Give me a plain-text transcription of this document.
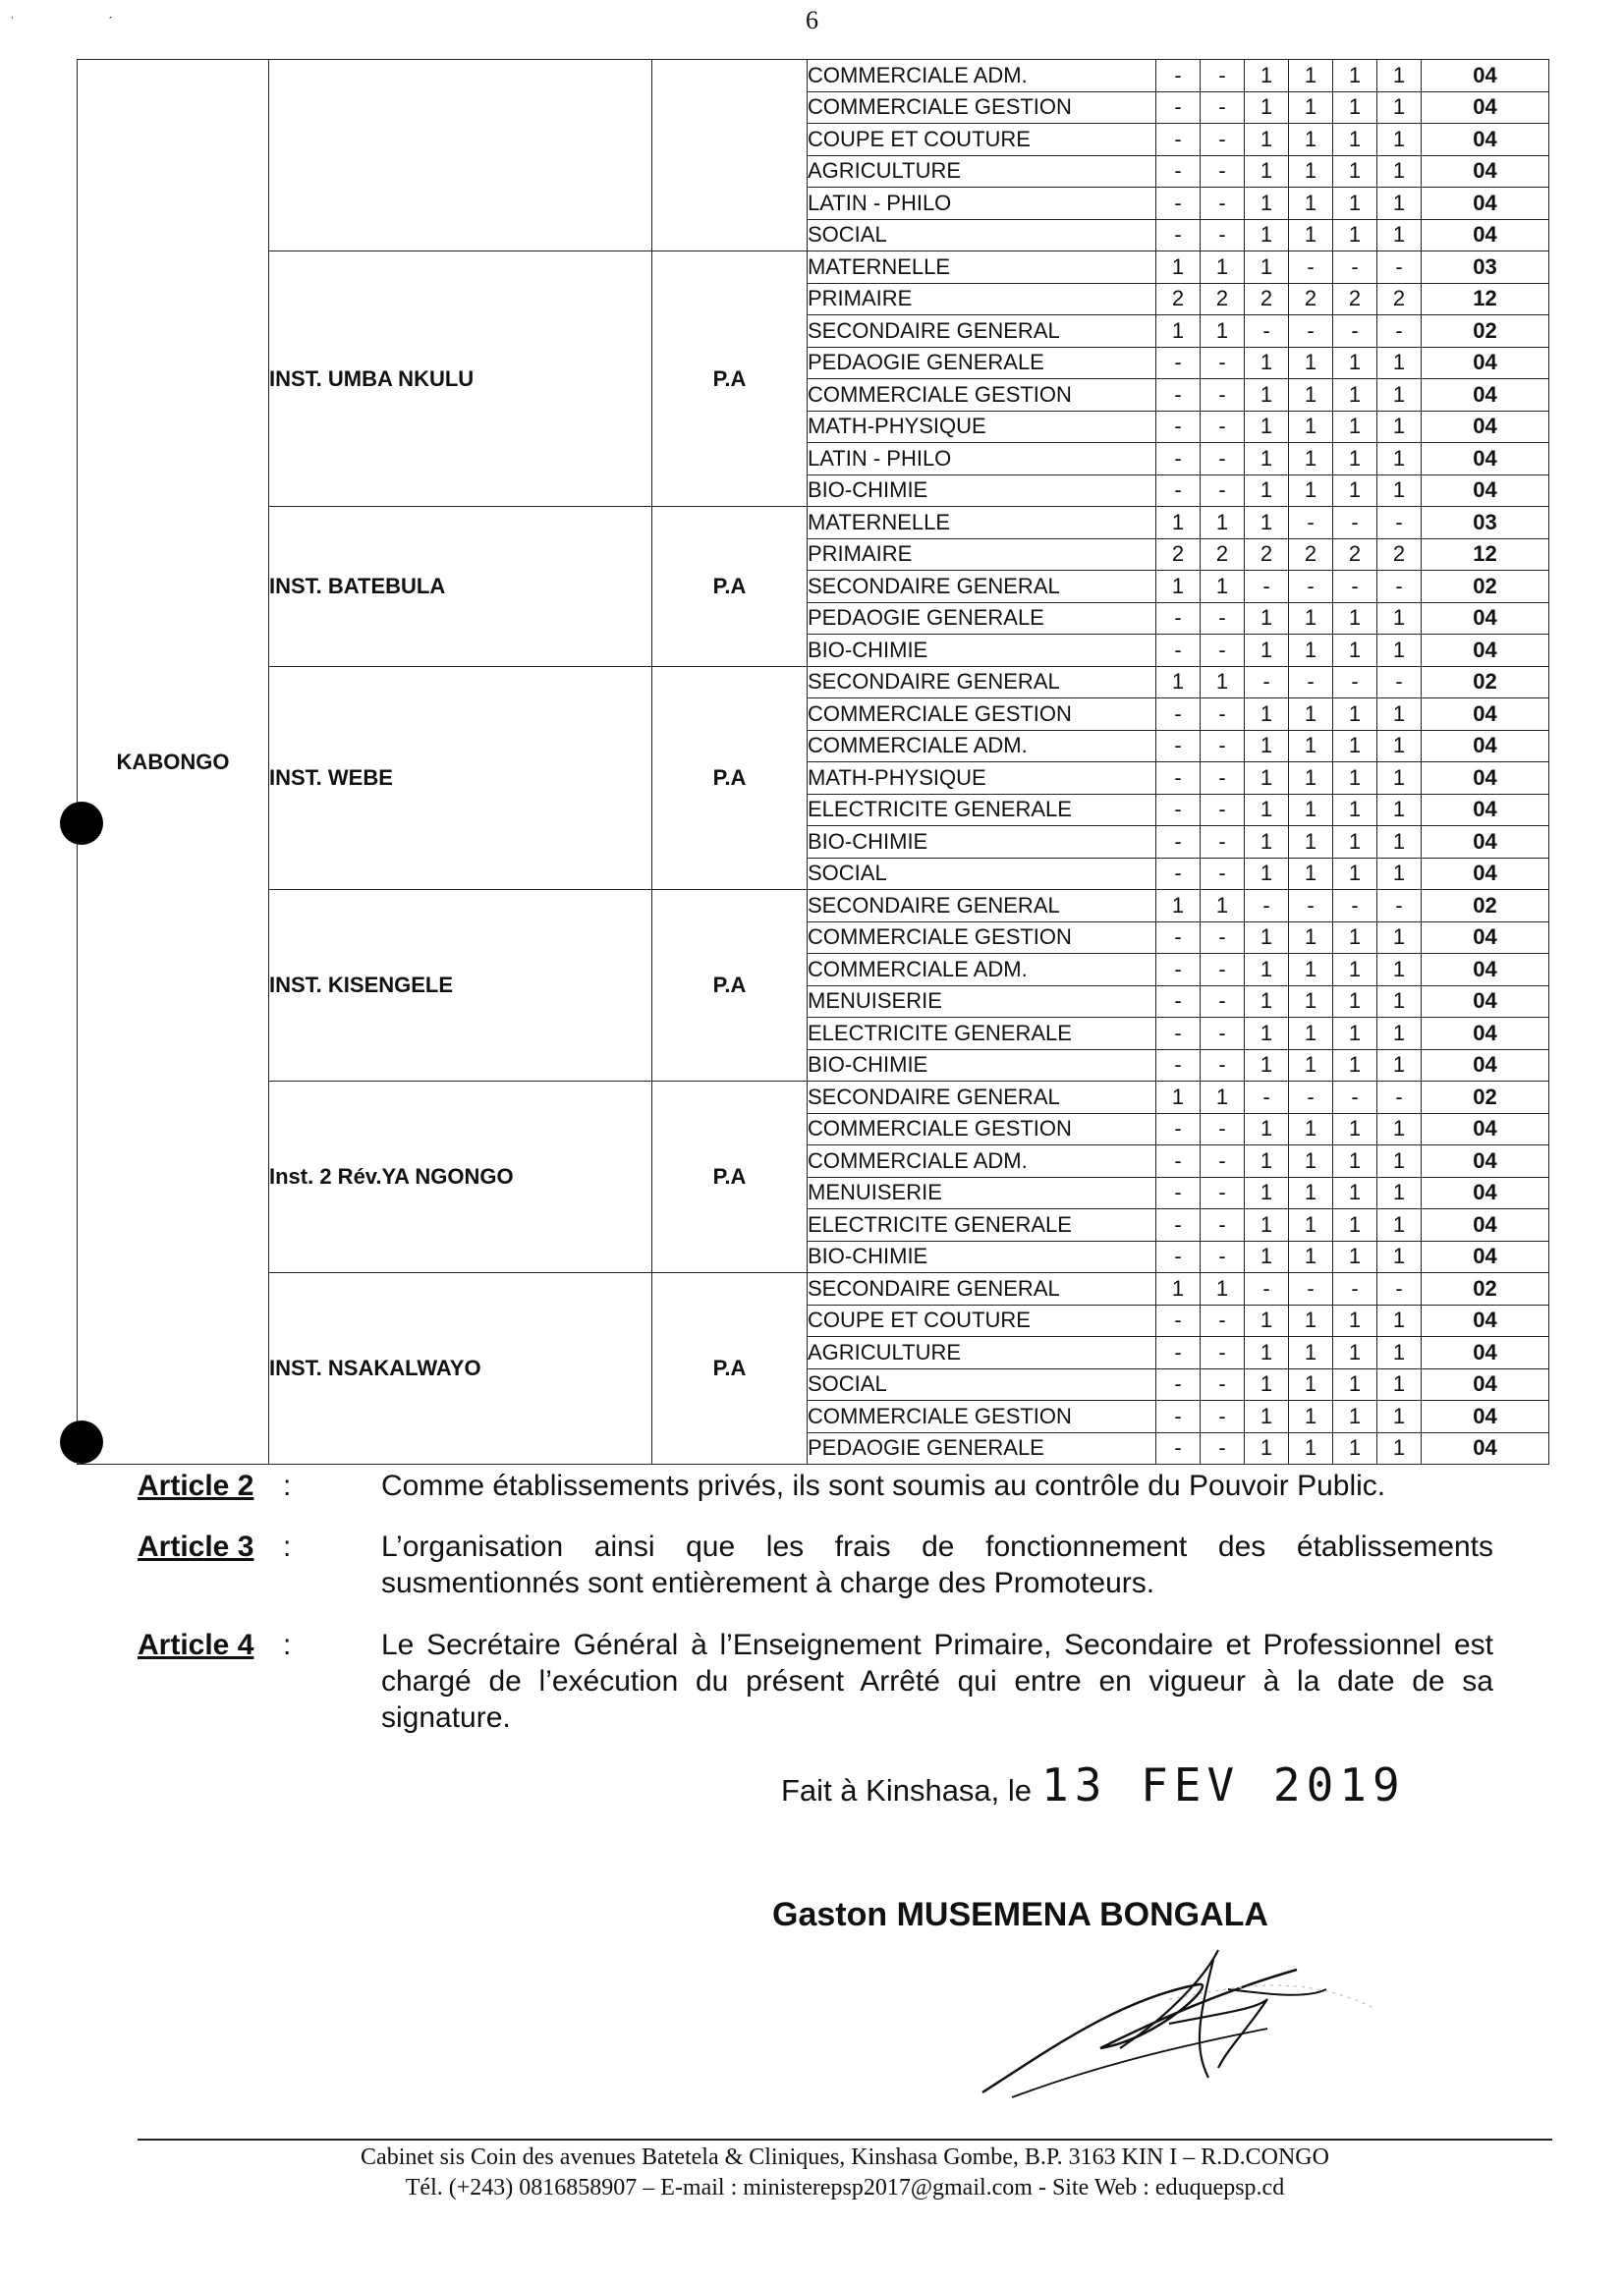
6
ˈ	ˊ
KABONGO			COMMERCIALE ADM.	-	-	1	1	1	1	04
			COMMERCIALE GESTION	-	-	1	1	1	1	04
			COUPE ET COUTURE	-	-	1	1	1	1	04
			AGRICULTURE	-	-	1	1	1	1	04
			LATIN - PHILO	-	-	1	1	1	1	04
			SOCIAL	-	-	1	1	1	1	04
	INST. UMBA NKULU	P.A	MATERNELLE	1	1	1	-	-	-	03
			PRIMAIRE	2	2	2	2	2	2	12
			SECONDAIRE GENERAL	1	1	-	-	-	-	02
			PEDAOGIE GENERALE	-	-	1	1	1	1	04
			COMMERCIALE GESTION	-	-	1	1	1	1	04
			MATH-PHYSIQUE	-	-	1	1	1	1	04
			LATIN - PHILO	-	-	1	1	1	1	04
			BIO-CHIMIE	-	-	1	1	1	1	04
	INST. BATEBULA	P.A	MATERNELLE	1	1	1	-	-	-	03
			PRIMAIRE	2	2	2	2	2	2	12
			SECONDAIRE GENERAL	1	1	-	-	-	-	02
			PEDAOGIE GENERALE	-	-	1	1	1	1	04
			BIO-CHIMIE	-	-	1	1	1	1	04
	INST. WEBE	P.A	SECONDAIRE GENERAL	1	1	-	-	-	-	02
			COMMERCIALE GESTION	-	-	1	1	1	1	04
			COMMERCIALE ADM.	-	-	1	1	1	1	04
			MATH-PHYSIQUE	-	-	1	1	1	1	04
			ELECTRICITE GENERALE	-	-	1	1	1	1	04
			BIO-CHIMIE	-	-	1	1	1	1	04
			SOCIAL	-	-	1	1	1	1	04
	INST. KISENGELE	P.A	SECONDAIRE GENERAL	1	1	-	-	-	-	02
			COMMERCIALE GESTION	-	-	1	1	1	1	04
			COMMERCIALE ADM.	-	-	1	1	1	1	04
			MENUISERIE	-	-	1	1	1	1	04
			ELECTRICITE GENERALE	-	-	1	1	1	1	04
			BIO-CHIMIE	-	-	1	1	1	1	04
	Inst. 2 Rév.YA NGONGO	P.A	SECONDAIRE GENERAL	1	1	-	-	-	-	02
			COMMERCIALE GESTION	-	-	1	1	1	1	04
			COMMERCIALE ADM.	-	-	1	1	1	1	04
			MENUISERIE	-	-	1	1	1	1	04
			ELECTRICITE GENERALE	-	-	1	1	1	1	04
			BIO-CHIMIE	-	-	1	1	1	1	04
	INST. NSAKALWAYO	P.A	SECONDAIRE GENERAL	1	1	-	-	-	-	02
			COUPE ET COUTURE	-	-	1	1	1	1	04
			AGRICULTURE	-	-	1	1	1	1	04
			SOCIAL	-	-	1	1	1	1	04
			COMMERCIALE GESTION	-	-	1	1	1	1	04
			PEDAOGIE GENERALE	-	-	1	1	1	1	04
Article 2 :	Comme établissements privés, ils sont soumis au contrôle du Pouvoir Public.
Article 3 :	L’organisation ainsi que les frais de fonctionnement des établissements susmentionnés sont entièrement à charge des Promoteurs.
Article 4 :	Le Secrétaire Général à l’Enseignement Primaire, Secondaire et Professionnel est chargé de l’exécution du présent Arrêté qui entre en vigueur à la date de sa signature.
Fait à Kinshasa, le 13 FEV 2019
Gaston MUSEMENA BONGALA
Cabinet sis Coin des avenues Batetela & Cliniques, Kinshasa Gombe, B.P. 3163 KIN I – R.D.CONGO
Tél. (+243) 0816858907 – E-mail : ministerepsp2017@gmail.com - Site Web : eduquepsp.cd
